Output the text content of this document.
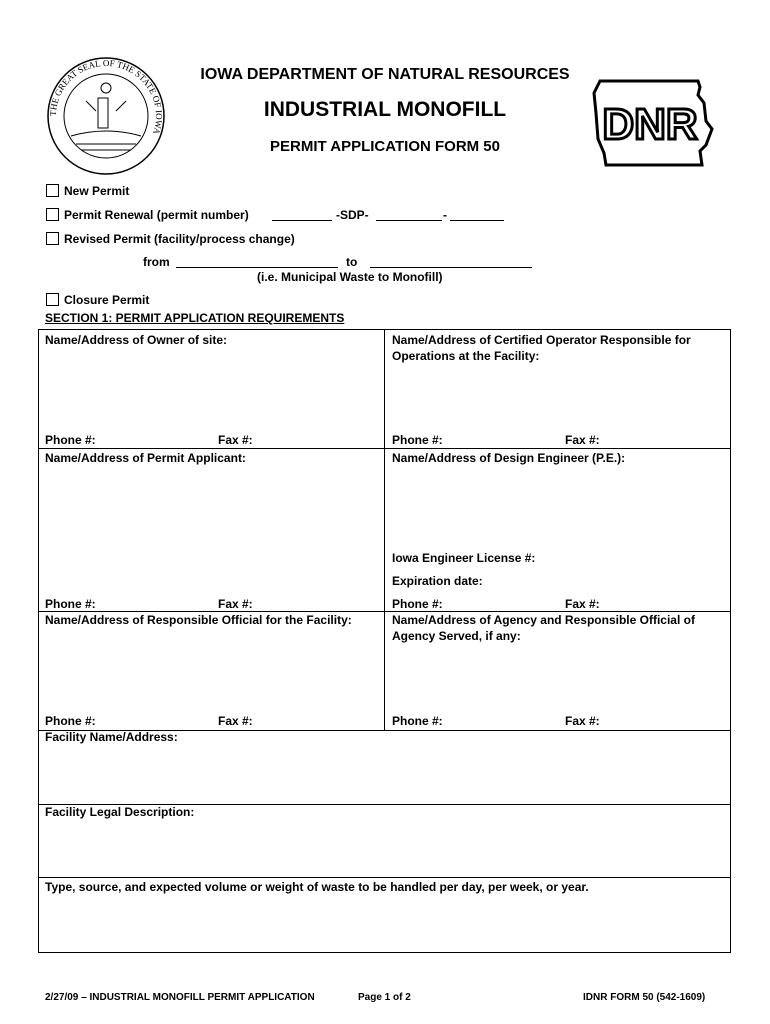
THE GREAT SEAL OF THE STATE OF IOWA	DNR
IOWA DEPARTMENT OF NATURAL RESOURCES
INDUSTRIAL MONOFILL
PERMIT APPLICATION FORM 50
New Permit
Permit Renewal (permit number)	-SDP-	-
Revised Permit (facility/process change)
from	to
(i.e. Municipal Waste to Monofill)
Closure Permit
SECTION 1: PERMIT APPLICATION REQUIREMENTS
Name/Address of Owner of site:	Name/Address of Certified Operator Responsible for Operations at the Facility:
Phone #:	Fax #:	Phone #:	Fax #:
Name/Address of Permit Applicant:	Name/Address of Design Engineer (P.E.):
Iowa Engineer License #:
Expiration date:
Phone #:	Fax #:	Phone #:	Fax #:
Name/Address of Responsible Official for the Facility:	Name/Address of Agency and Responsible Official of Agency Served, if any:
Phone #:	Fax #:	Phone #:	Fax #:
Facility Name/Address:
Facility Legal Description:
Type, source, and expected volume or weight of waste to be handled per day, per week, or year.
2/27/09 – INDUSTRIAL MONOFILL PERMIT APPLICATION	Page 1 of 2	IDNR FORM 50 (542-1609)
